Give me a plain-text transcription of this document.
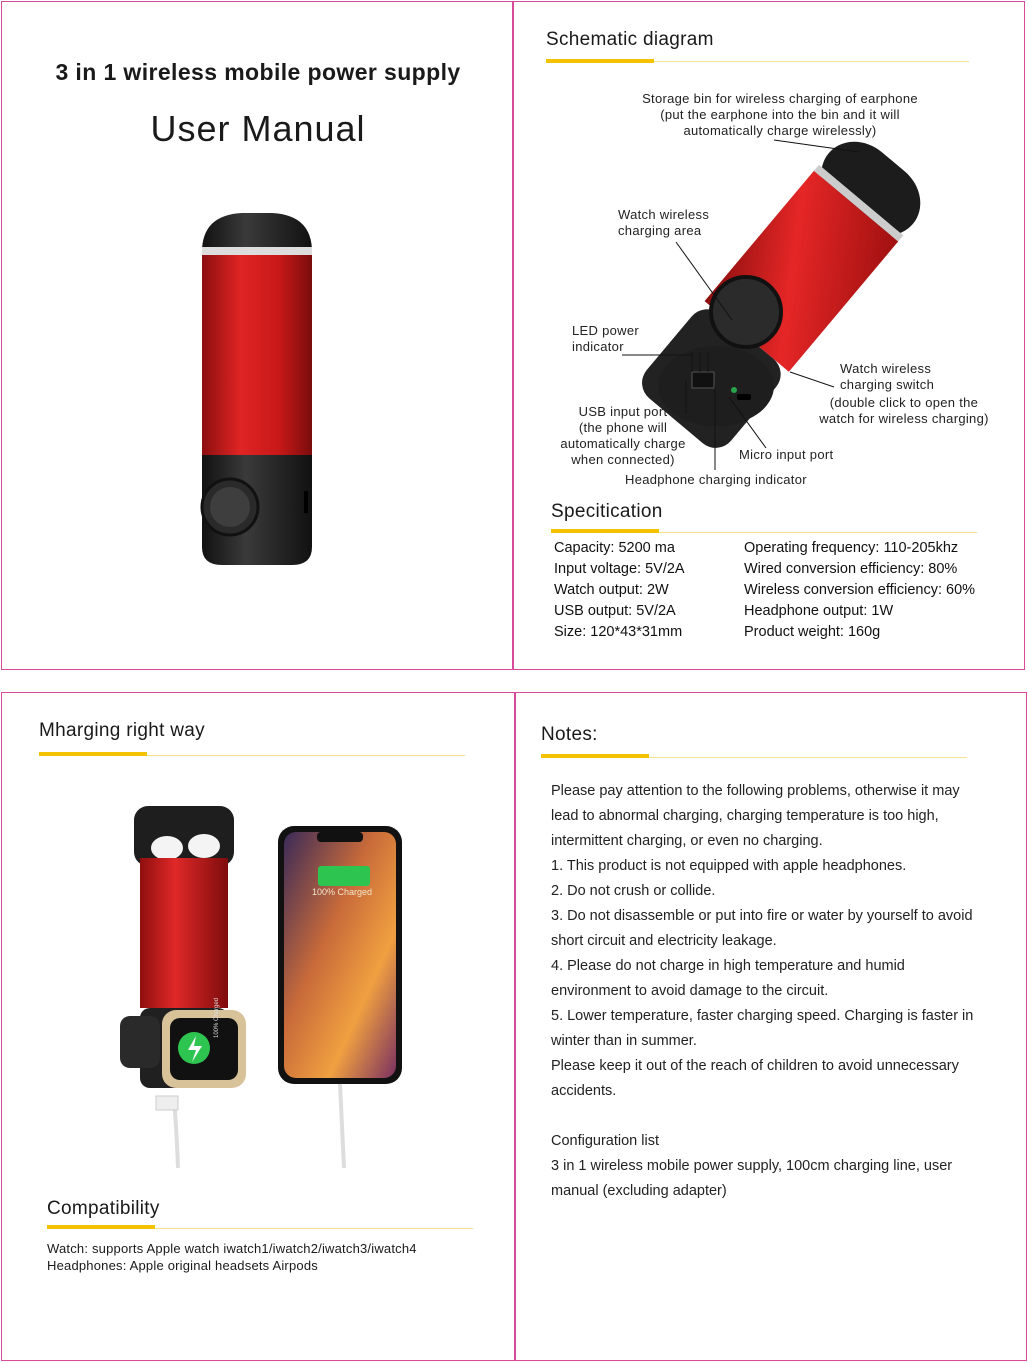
3 in 1 wireless mobile power supply
User Manual
Schematic diagram
Storage bin for wireless charging of earphone
(put the earphone into the bin and it will
automatically charge wirelessly)
Watch wireless
charging area
LED power
indicator
Watch wireless
charging switch
(double click to open the
watch for wireless charging)
USB input port
(the phone will
automatically charge
when connected)	Micro input port
Headphone charging indicator
Specitication
Capacity: 5200 ma
Input voltage: 5V/2A
Watch output: 2W
USB output: 5V/2A
Size: 120*43*31mm
Operating frequency: 110-205khz
Wired conversion efficiency: 80%
Wireless conversion efficiency: 60%
Headphone output: 1W
Product weight: 160g
Mharging right way
100% Charged
100% Charged
Compatibility
Watch: supports Apple watch iwatch1/iwatch2/iwatch3/iwatch4
Headphones: Apple original headsets Airpods
Notes:

Please pay attention to the following problems, otherwise it may

lead to abnormal charging, charging temperature is too high,

intermittent charging, or even no charging.

1. This product is not equipped with apple headphones.

2. Do not crush or collide.

3. Do not disassemble or put into fire or water by yourself to avoid

short circuit and electricity leakage.

4. Please do not charge in high temperature and humid

environment to avoid damage to the circuit.

5. Lower temperature, faster charging speed. Charging is faster in

winter than in summer.

Please keep it out of the reach of children to avoid unnecessary

accidents.

Configuration list

3 in 1 wireless mobile power supply, 100cm charging line, user

manual (excluding adapter)
